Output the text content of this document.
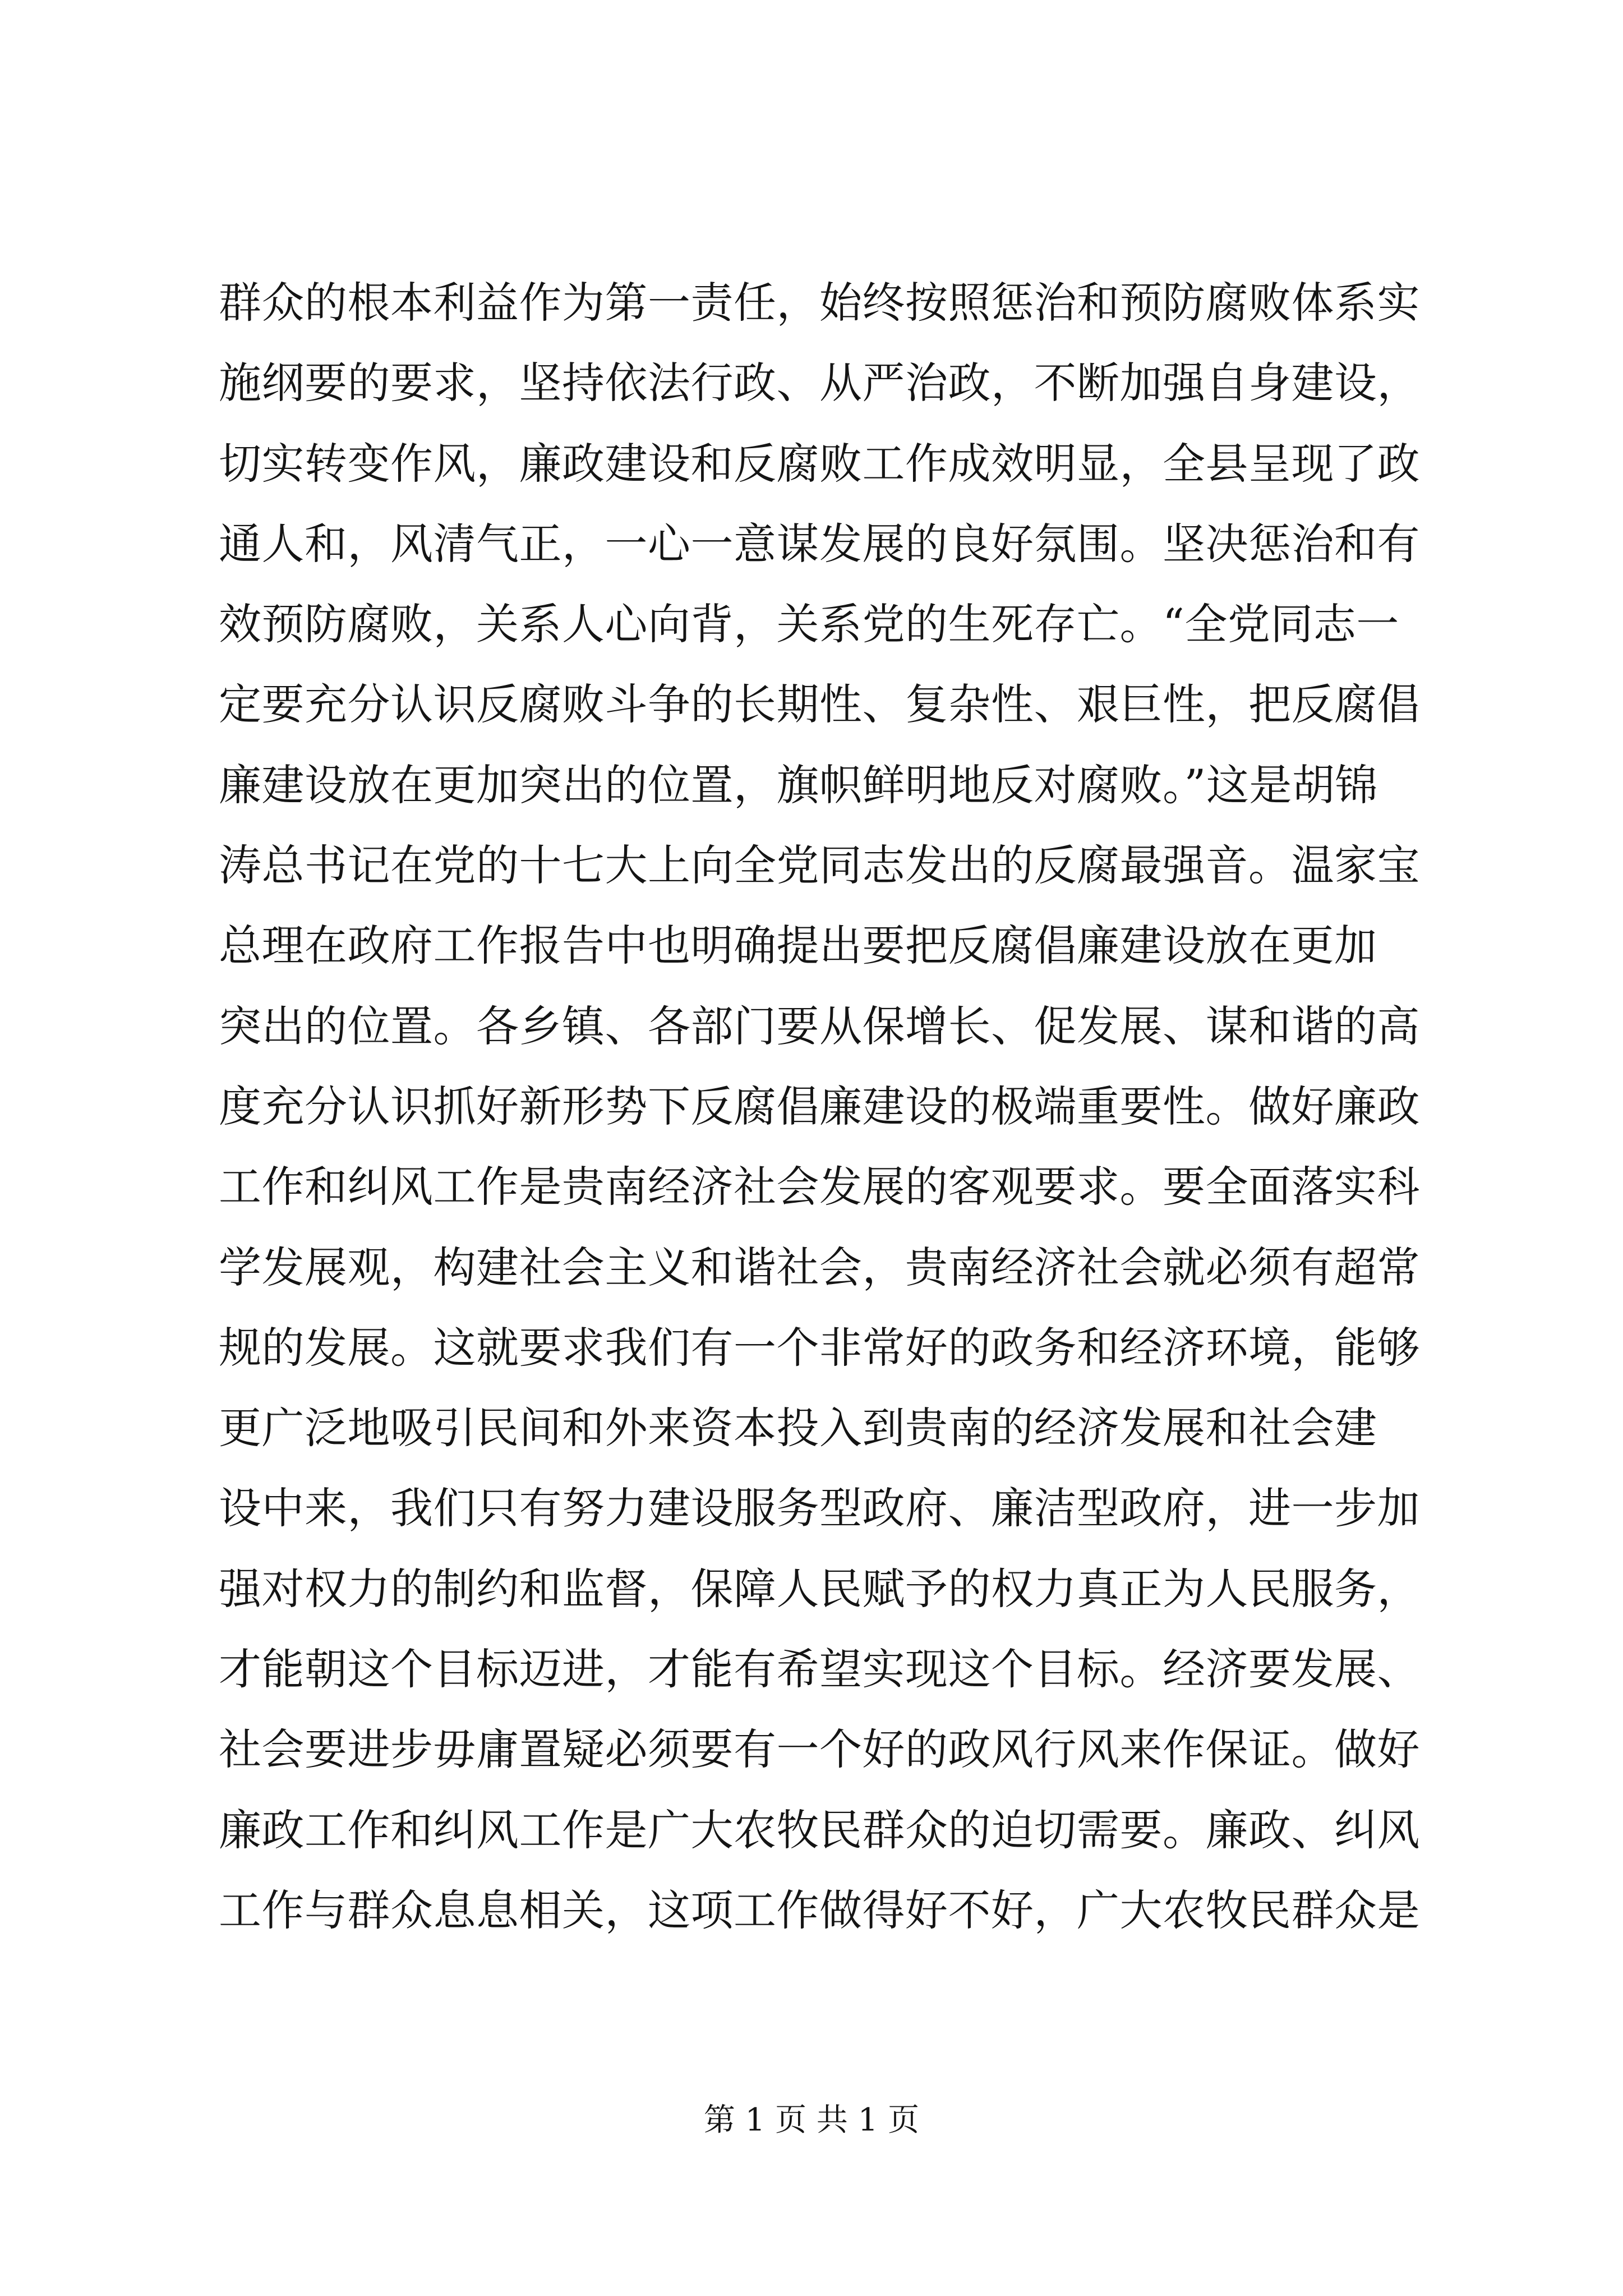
群众的根本利益作为第一责任，始终按照惩治和预防腐败体系实
施纲要的要求，坚持依法行政、从严治政，不断加强自身建设，
切实转变作风，廉政建设和反腐败工作成效明显，全县呈现了政
通人和，风清气正，一心一意谋发展的良好氛围。坚决惩治和有
效预防腐败，关系人心向背，关系党的生死存亡。“全党同志一
定要充分认识反腐败斗争的长期性、复杂性、艰巨性，把反腐倡
廉建设放在更加突出的位置，旗帜鲜明地反对腐败。”这是胡锦
涛总书记在党的十七大上向全党同志发出的反腐最强音。温家宝
总理在政府工作报告中也明确提出要把反腐倡廉建设放在更加
突出的位置。各乡镇、各部门要从保增长、促发展、谋和谐的高
度充分认识抓好新形势下反腐倡廉建设的极端重要性。做好廉政
工作和纠风工作是贵南经济社会发展的客观要求。要全面落实科
学发展观，构建社会主义和谐社会，贵南经济社会就必须有超常
规的发展。这就要求我们有一个非常好的政务和经济环境，能够
更广泛地吸引民间和外来资本投入到贵南的经济发展和社会建
设中来，我们只有努力建设服务型政府、廉洁型政府，进一步加
强对权力的制约和监督，保障人民赋予的权力真正为人民服务，
才能朝这个目标迈进，才能有希望实现这个目标。经济要发展、
社会要进步毋庸置疑必须要有一个好的政风行风来作保证。做好
廉政工作和纠风工作是广大农牧民群众的迫切需要。廉政、纠风
工作与群众息息相关，这项工作做得好不好，广大农牧民群众是
第 1 页 共 1 页
